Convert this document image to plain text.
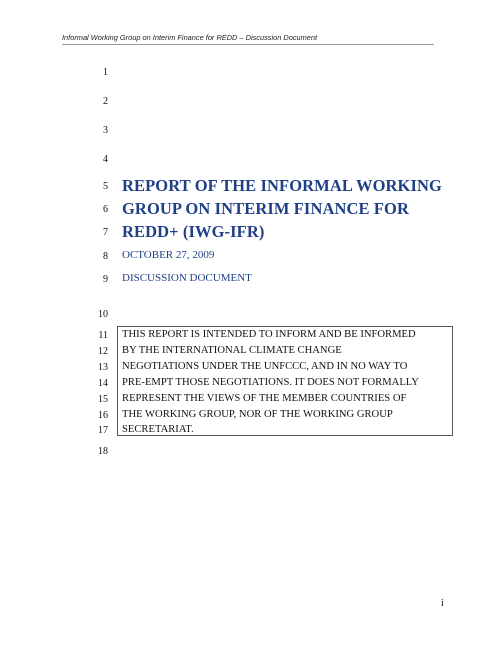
Informal Working Group on Interim Finance for REDD – Discussion Document
1
2
3
4
5
6
7
8
9
10
11
12
13
14
15
16
17
18
REPORT OF THE INFORMAL WORKING
GROUP ON INTERIM FINANCE FOR
REDD+ (IWG-IFR)
OCTOBER 27, 2009
DISCUSSION DOCUMENT
THIS REPORT IS INTENDED TO INFORM AND BE INFORMED
BY THE INTERNATIONAL CLIMATE CHANGE
NEGOTIATIONS UNDER THE UNFCCC, AND IN NO WAY TO
PRE-EMPT THOSE NEGOTIATIONS. IT DOES NOT FORMALLY
REPRESENT THE VIEWS OF THE MEMBER COUNTRIES OF
THE WORKING GROUP, NOR OF THE WORKING GROUP
SECRETARIAT.
i
